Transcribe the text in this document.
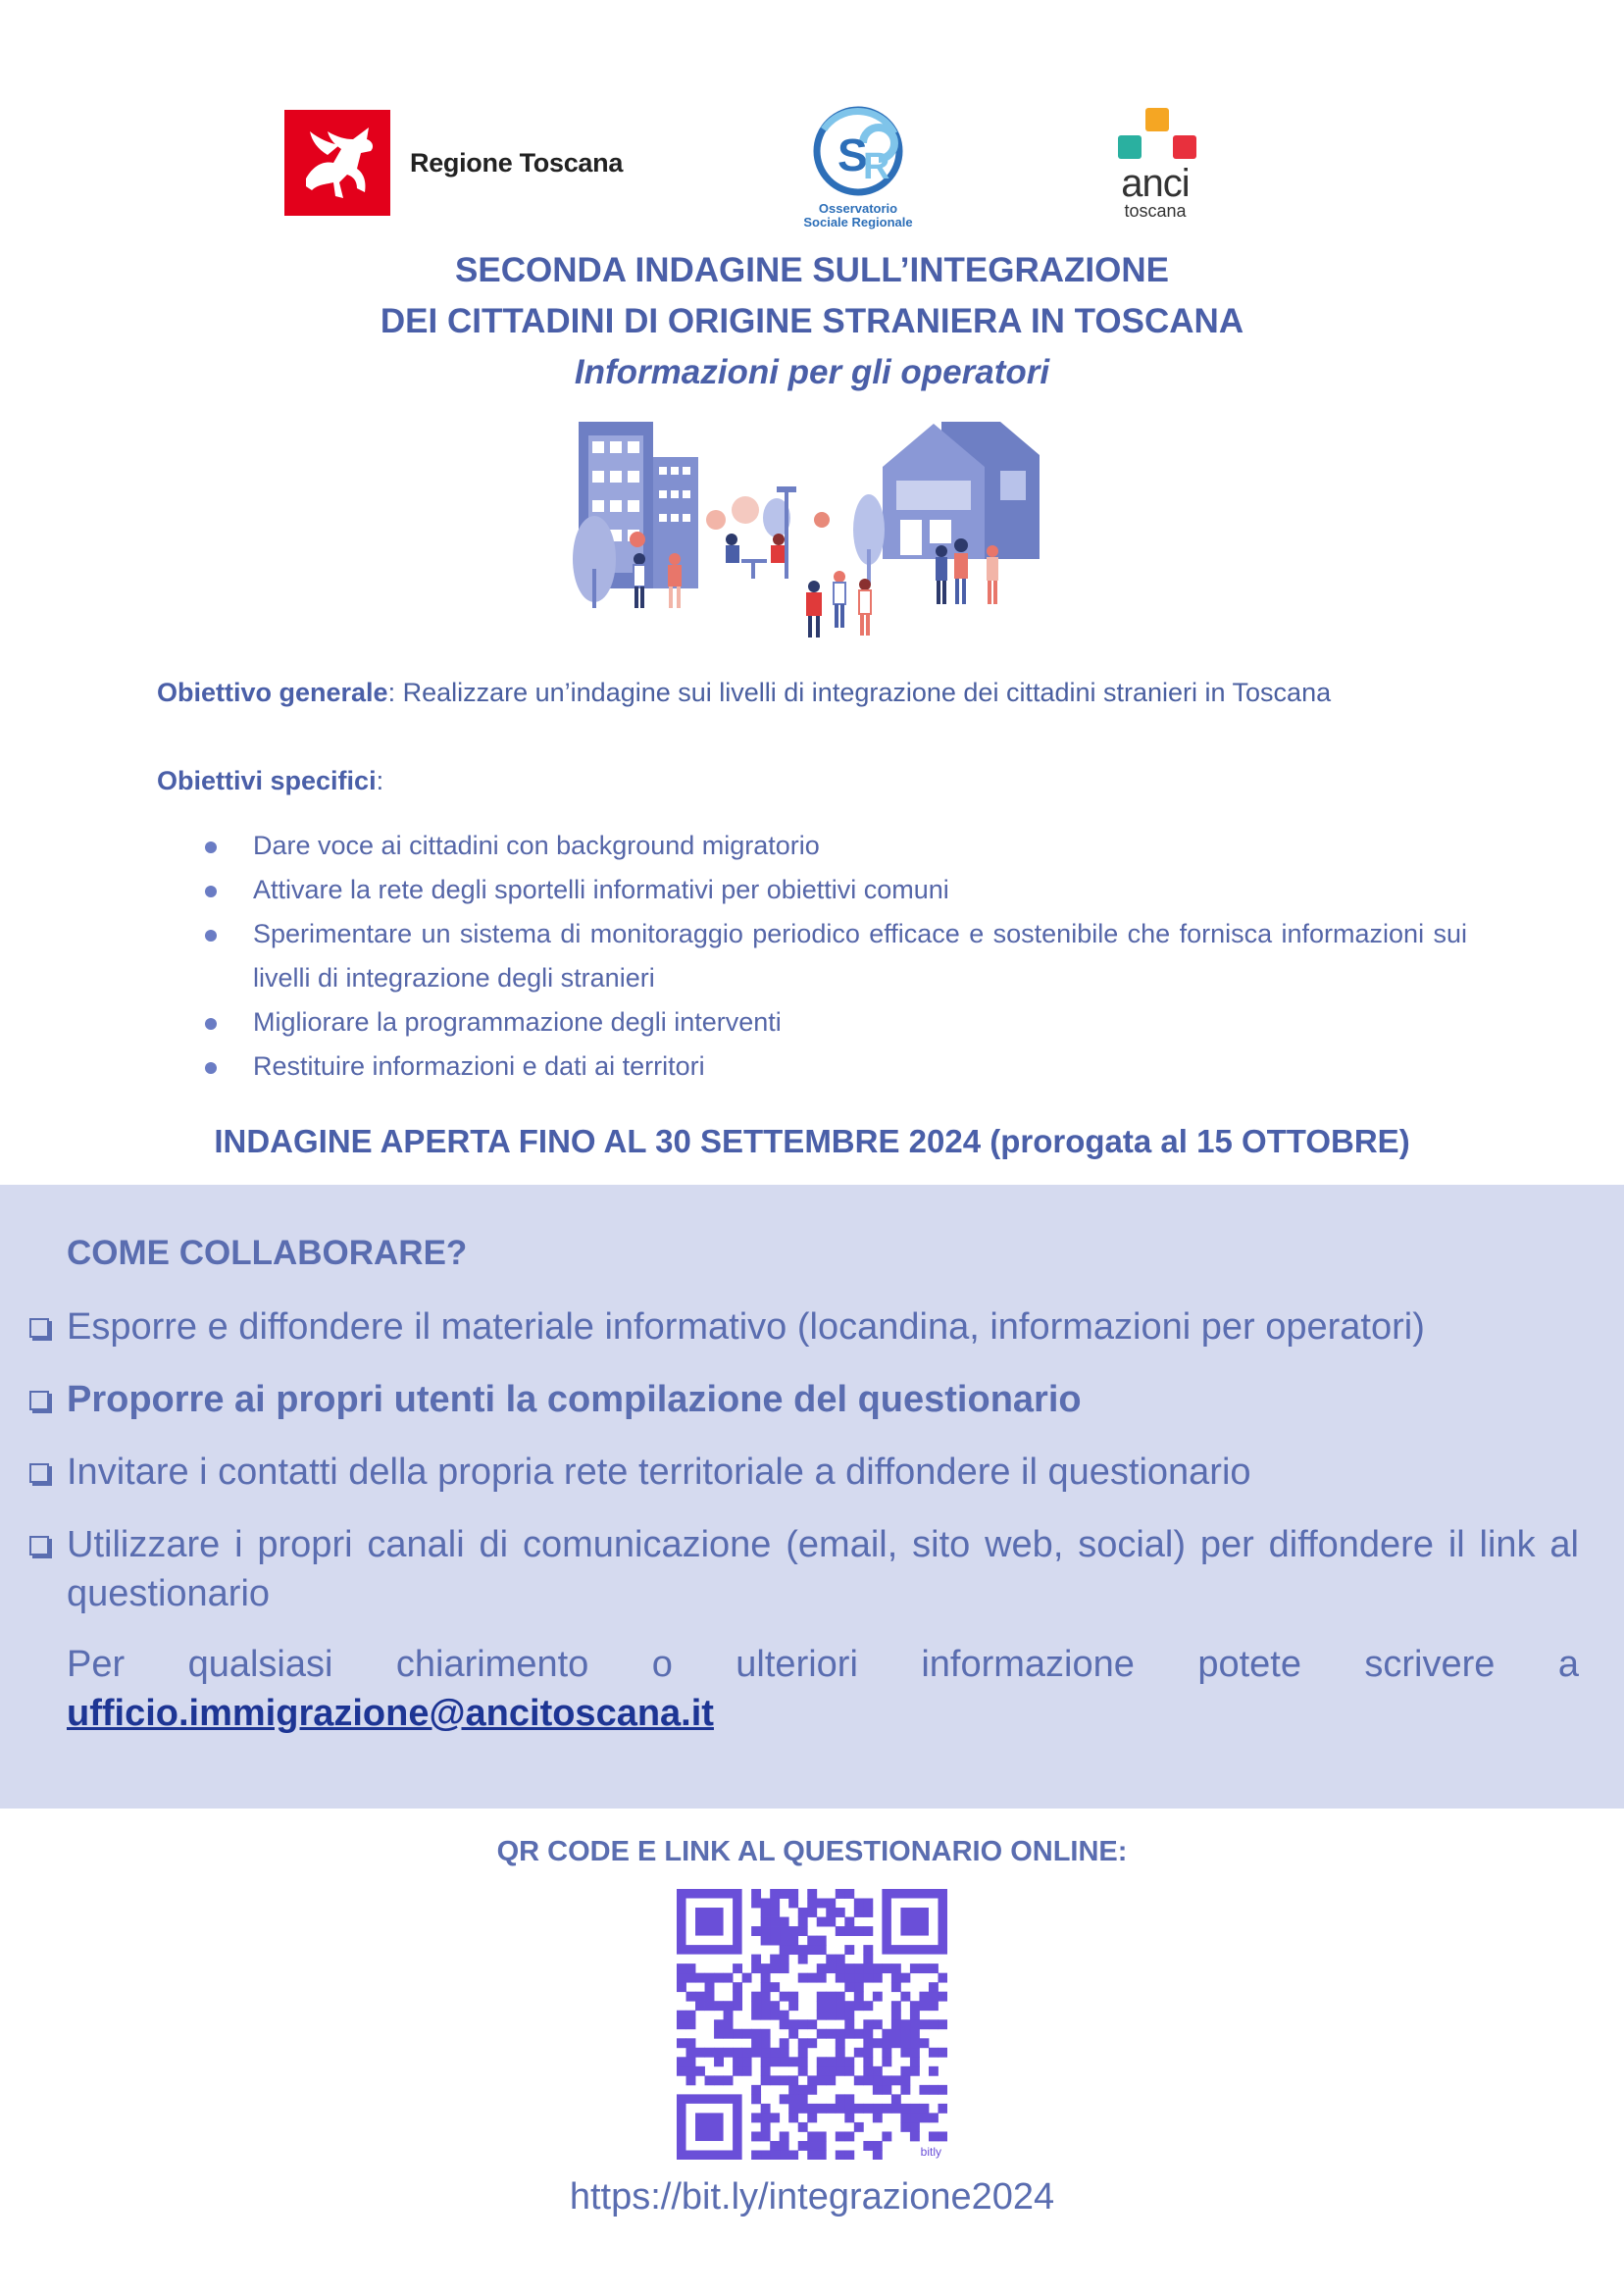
Regione Toscana	S
R
Osservatorio
Sociale Regionale
anci
toscana
SECONDA INDAGINE SULL’INTEGRAZIONE
DEI CITTADINI DI ORIGINE STRANIERA IN TOSCANA
Informazioni per gli operatori
Obiettivo generale: Realizzare un’indagine sui livelli di integrazione dei cittadini stranieri in Toscana
Obiettivi specifici:
Dare voce ai cittadini con background migratorio
Attivare la rete degli sportelli informativi per obiettivi comuni
Sperimentare un sistema di monitoraggio periodico efficace e sostenibile che fornisca informazioni sui livelli di integrazione degli stranieri
Migliorare la programmazione degli interventi
Restituire informazioni e dati ai territori
INDAGINE APERTA FINO AL 30 SETTEMBRE 2024 (prorogata al 15 OTTOBRE)
COME COLLABORARE?
Esporre e diffondere il materiale informativo (locandina, informazioni per operatori)
Proporre ai propri utenti la compilazione del questionario
Invitare i contatti della propria rete territoriale a diffondere il questionario
Utilizzare i propri canali di comunicazione (email, sito web, social) per diffondere il link al questionario
Per qualsiasi chiarimento o ulteriori informazione potete scrivere a
ufficio.immigrazione@ancitoscana.it
QR CODE E LINK AL QUESTIONARIO ONLINE:
bitly
https://bit.ly/integrazione2024
